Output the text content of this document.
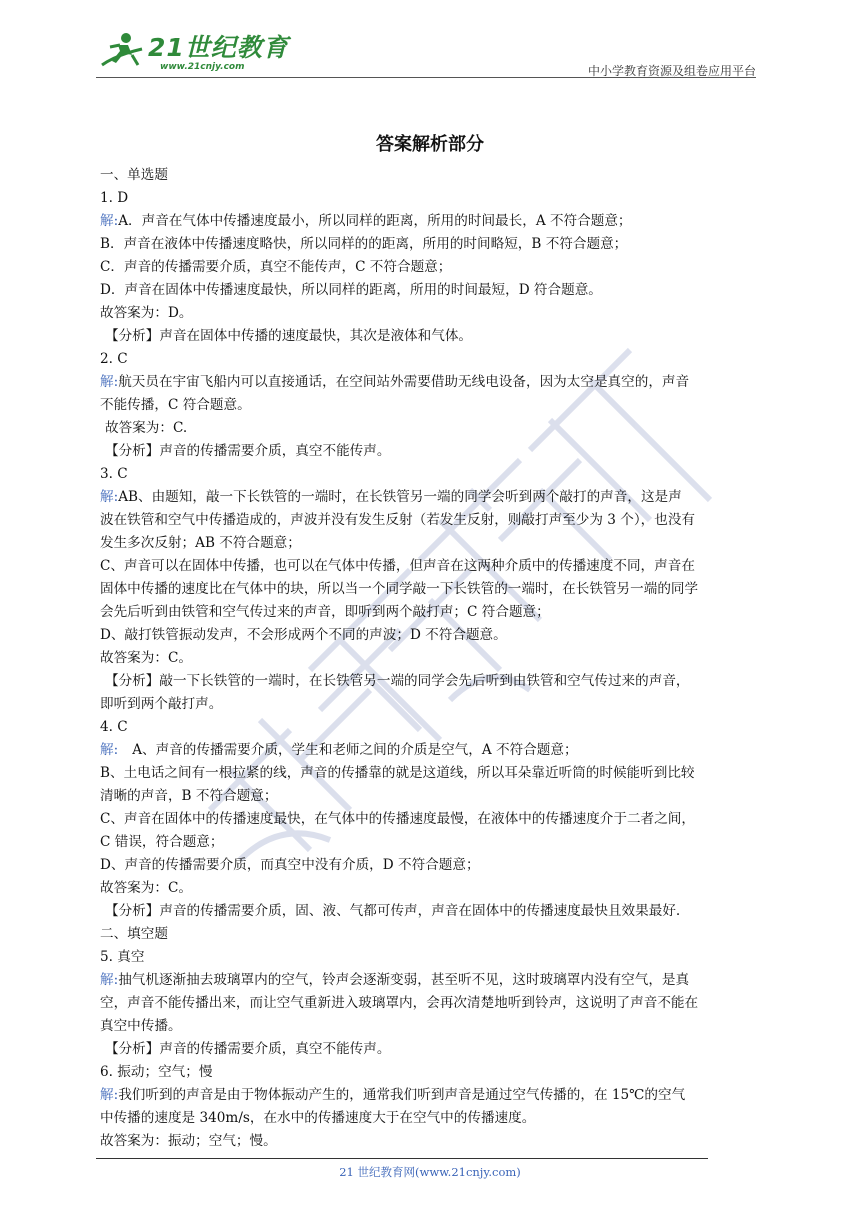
21世纪教育
www.21cnjy.com	中小学教育资源及组卷应用平台
答案解析部分

一、单选题

1. D

解:A．声音在气体中传播速度最小，所以同样的距离，所用的时间最长，A 不符合题意；

B．声音在液体中传播速度略快，所以同样的的距离，所用的时间略短，B 不符合题意；

C．声音的传播需要介质，真空不能传声，C 不符合题意；

D．声音在固体中传播速度最快，所以同样的距离，所用的时间最短，D 符合题意。

故答案为：D。

【分析】声音在固体中传播的速度最快，其次是液体和气体。

2. C

解:航天员在宇宙飞船内可以直接通话，在空间站外需要借助无线电设备，因为太空是真空的，声音

不能传播，C 符合题意。

故答案为：C.

【分析】声音的传播需要介质，真空不能传声。

3. C

解:AB、由题知，敲一下长铁管的一端时，在长铁管另一端的同学会听到两个敲打的声音，这是声

波在铁管和空气中传播造成的，声波并没有发生反射（若发生反射，则敲打声至少为 3 个），也没有

发生多次反射；AB 不符合题意；

C、声音可以在固体中传播，也可以在气体中传播，但声音在这两种介质中的传播速度不同，声音在

固体中传播的速度比在气体中的块，所以当一个同学敲一下长铁管的一端时，在长铁管另一端的同学

会先后听到由铁管和空气传过来的声音，即听到两个敲打声；C 符合题意；

D、敲打铁管振动发声，不会形成两个不同的声波；D 不符合题意。

故答案为：C。

【分析】敲一下长铁管的一端时，在长铁管另一端的同学会先后听到由铁管和空气传过来的声音，

即听到两个敲打声。

4. C

解: A、声音的传播需要介质，学生和老师之间的介质是空气，A 不符合题意；

B、土电话之间有一根拉紧的线，声音的传播靠的就是这道线，所以耳朵靠近听筒的时候能听到比较

清晰的声音，B 不符合题意；

C、声音在固体中的传播速度最快，在气体中的传播速度最慢，在液体中的传播速度介于二者之间，

C 错误，符合题意；

D、声音的传播需要介质，而真空中没有介质，D 不符合题意；

故答案为：C。

【分析】声音的传播需要介质，固、液、气都可传声，声音在固体中的传播速度最快且效果最好.

二、填空题

5. 真空

解:抽气机逐渐抽去玻璃罩内的空气，铃声会逐渐变弱，甚至听不见，这时玻璃罩内没有空气，是真

空，声音不能传播出来，而让空气重新进入玻璃罩内，会再次清楚地听到铃声，这说明了声音不能在

真空中传播。

【分析】声音的传播需要介质，真空不能传声。

6. 振动；空气；慢

解:我们听到的声音是由于物体振动产生的，通常我们听到声音是通过空气传播的，在 15℃的空气

中传播的速度是 340m/s，在水中的传播速度大于在空气中的传播速度。

故答案为：振动；空气；慢。

21 世纪教育网(www.21cnjy.com)
